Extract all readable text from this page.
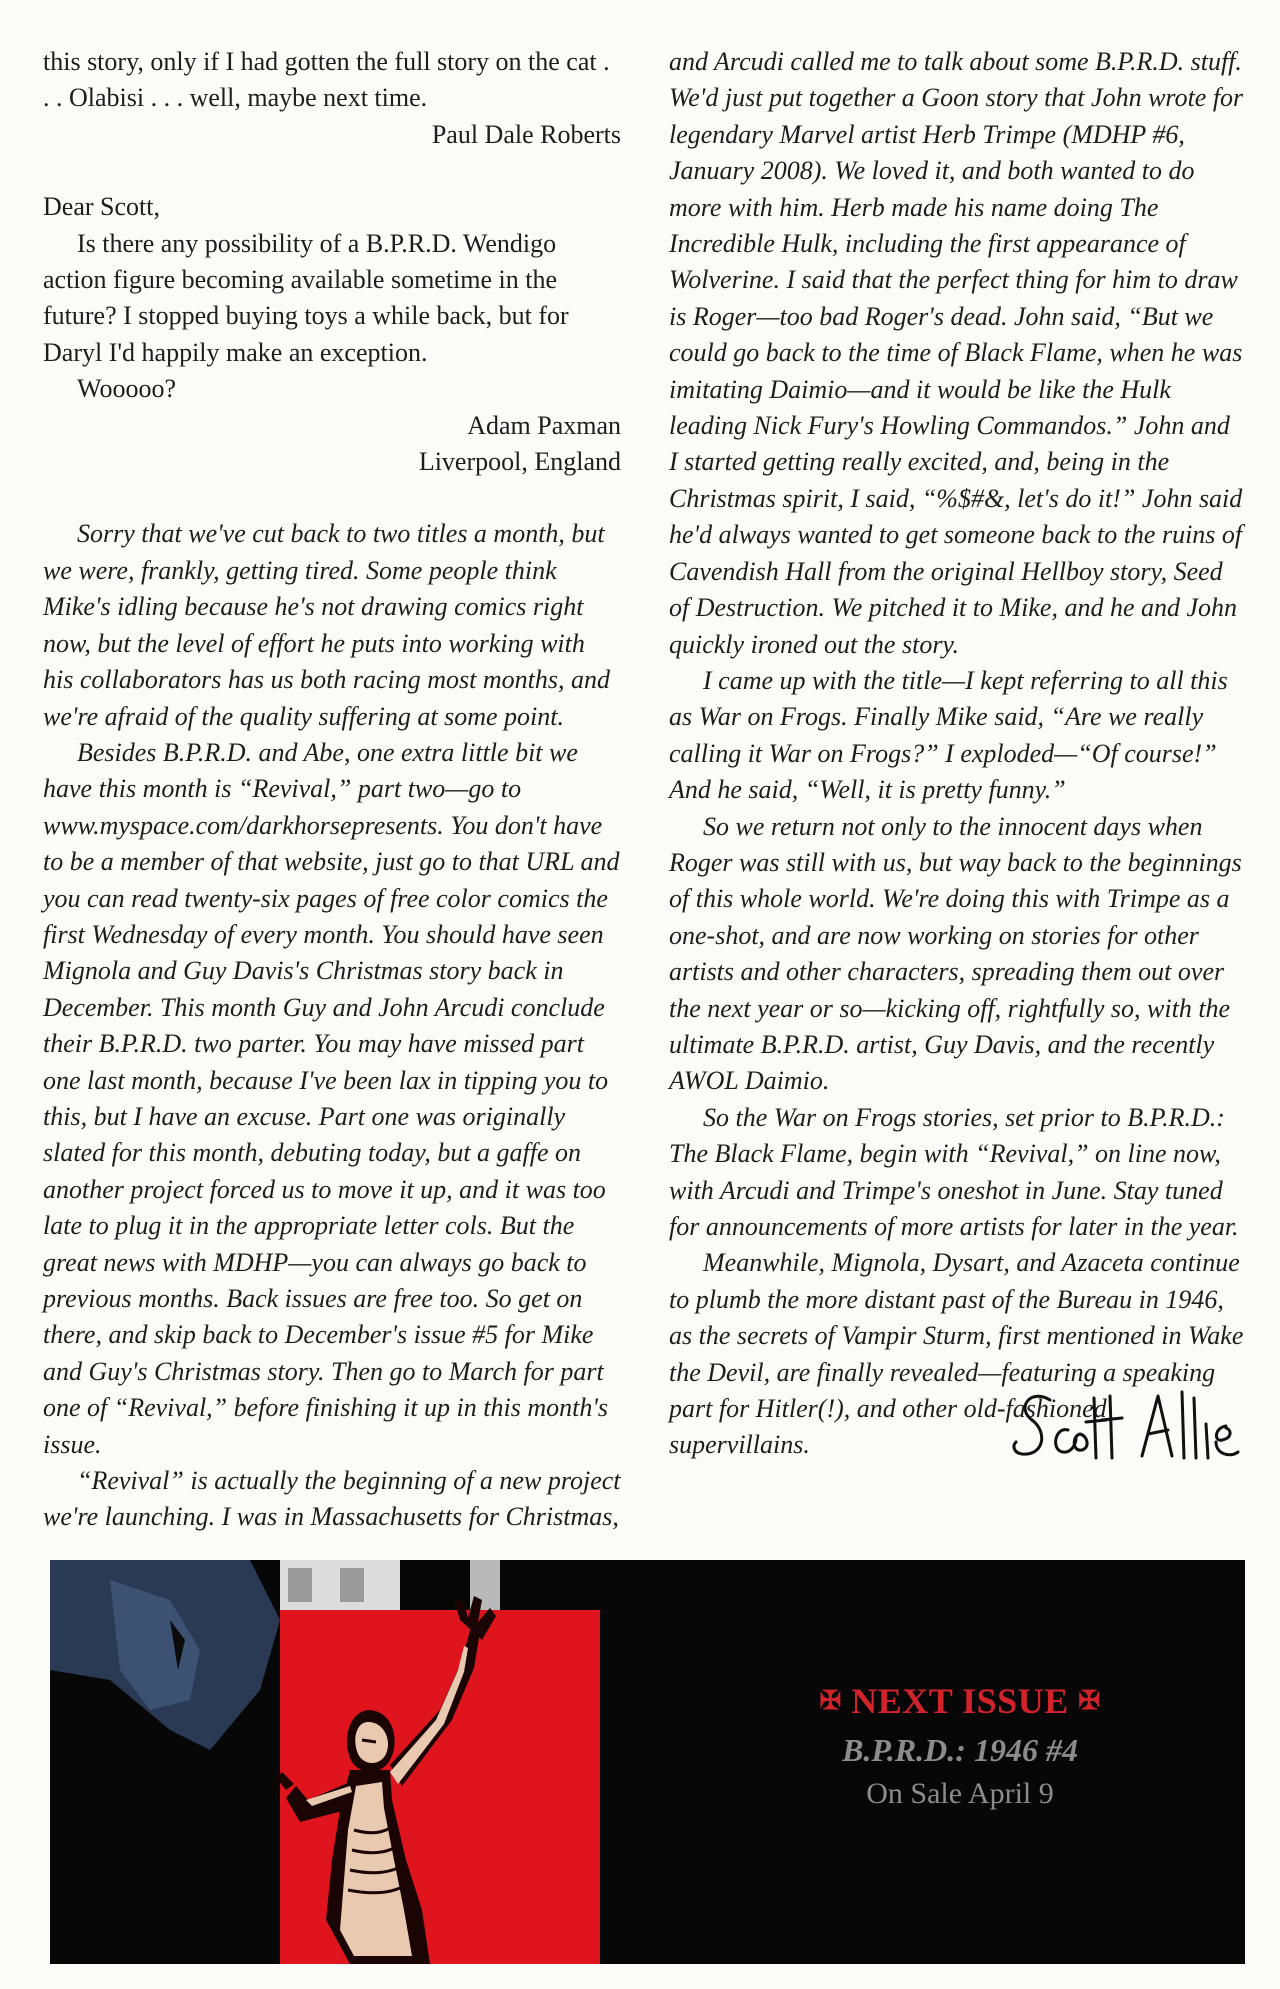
this story, only if I had gotten the full story on the cat . . . Olabisi . . . well, maybe next time.

Paul Dale Roberts

Dear Scott,

Is there any possibility of a B.P.R.D. Wendigo action figure becoming available sometime in the future? I stopped buying toys a while back, but for Daryl I'd happily make an exception.

Wooooo?

Adam Paxman

Liverpool, England

Sorry that we've cut back to two titles a month, but we were, frankly, getting tired. Some people think Mike's idling because he's not drawing comics right now, but the level of effort he puts into working with his collaborators has us both racing most months, and we're afraid of the quality suffering at some point.

Besides B.P.R.D. and Abe, one extra little bit we have this month is “Revival,” part two—go to www.myspace.com/darkhorsepresents. You don't have to be a member of that website, just go to that URL and you can read twenty-six pages of free color comics the first Wednesday of every month. You should have seen Mignola and Guy Davis's Christmas story back in December. This month Guy and John Arcudi conclude their B.P.R.D. two parter. You may have missed part one last month, because I've been lax in tipping you to this, but I have an excuse. Part one was originally slated for this month, debuting today, but a gaffe on another project forced us to move it up, and it was too late to plug it in the appropriate letter cols. But the great news with MDHP—you can always go back to previous months. Back issues are free too. So get on there, and skip back to December's issue #5 for Mike and Guy's Christmas story. Then go to March for part one of “Revival,” before finishing it up in this month's issue.

“Revival” is actually the beginning of a new project we're launching. I was in Massachusetts for Christmas,

and Arcudi called me to talk about some B.P.R.D. stuff. We'd just put together a Goon story that John wrote for legendary Marvel artist Herb Trimpe (MDHP #6, January 2008). We loved it, and both wanted to do more with him. Herb made his name doing The Incredible Hulk, including the first appearance of Wolverine. I said that the perfect thing for him to draw is Roger—too bad Roger's dead. John said, “But we could go back to the time of Black Flame, when he was imitating Daimio—and it would be like the Hulk leading Nick Fury's Howling Commandos.” John and I started getting really excited, and, being in the Christmas spirit, I said, “%$#&, let's do it!” John said he'd always wanted to get someone back to the ruins of Cavendish Hall from the original Hellboy story, Seed of Destruction. We pitched it to Mike, and he and John quickly ironed out the story.

I came up with the title—I kept referring to all this as War on Frogs. Finally Mike said, “Are we really calling it War on Frogs?” I exploded—“Of course!” And he said, “Well, it is pretty funny.”

So we return not only to the innocent days when Roger was still with us, but way back to the beginnings of this whole world. We're doing this with Trimpe as a one-shot, and are now working on stories for other artists and other characters, spreading them out over the next year or so—kicking off, rightfully so, with the ultimate B.P.R.D. artist, Guy Davis, and the recently AWOL Daimio.

So the War on Frogs stories, set prior to B.P.R.D.: The Black Flame, begin with “Revival,” on line now, with Arcudi and Trimpe's oneshot in June. Stay tuned for announcements of more artists for later in the year.

Meanwhile, Mignola, Dysart, and Azaceta continue to plumb the more distant past of the Bureau in 1946, as the secrets of Vampir Sturm, first mentioned in Wake the Devil, are finally revealed—featuring a speaking part for Hitler(!), and other old-fashioned supervillains.

✠ NEXT ISSUE ✠
B.P.R.D.: 1946 #4
On Sale April 9
